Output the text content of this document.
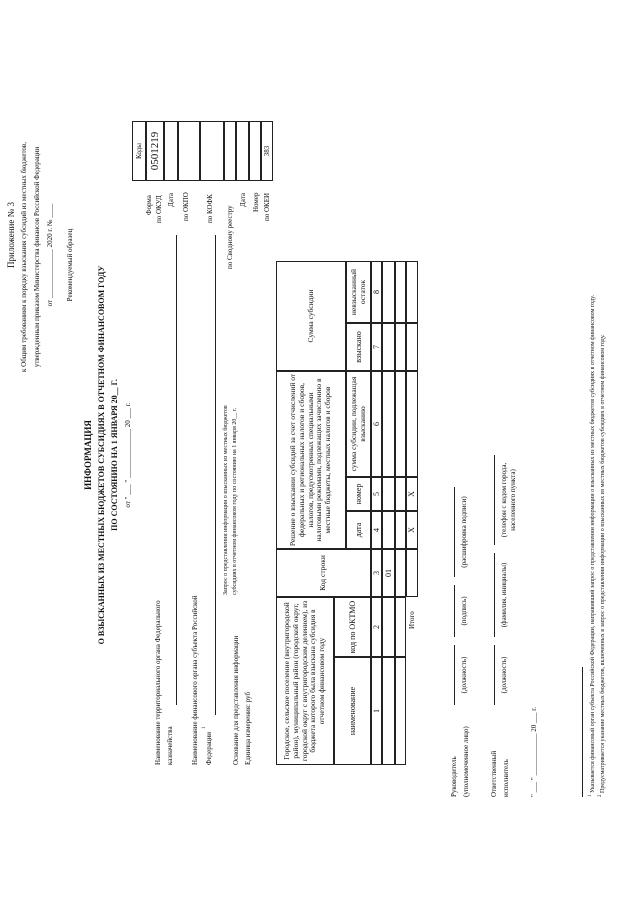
Приложение № 3 к Общим требованиям к порядку взыскания субсидий из местных бюджетов, утвержденным приказом Министерства финансов Российской Федерации от ______________ 2020 г. № ____ Рекомендуемый образец
ИНФОРМАЦИЯ О ВЗЫСКАННЫХ ИЗ МЕСТНЫХ БЮДЖЕТОВ СУБСИДИЯХ В ОТЧЕТНОМ ФИНАНСОВОМ ГОДУ ПО СОСТОЯНИЮ НА 1 ЯНВАРЯ 20__ Г. от " ___ " ______________ 20 ___ г.
Наименование территориального органа Федерального казначейства Наименование финансового органа субъекта Российской Федерации
1
Запрос о представлении информации о взысканных из местных бюджетов субсидиях в отчетном финансовом году по состоянию на 1 января 20__ г.
Основание для представления информации Единица измерения: руб
Форма по ОКУД Дата по ОКПО по КОФК по Сводному реестру
Дата Номер по ОКЕИ
Коды 0501219	383
Городское, сельское поселение (внутригородской район), муниципальный район (городской округ, городской округ с внутригородским делением), из бюджета которого была взыскана субсидия в отчетном финансовом году
Код строки
Решение о взыскании субсидий за счет отчислений от федеральных и региональных налогов и сборов, налогов, предусмотренных специальными налоговыми режимами, подлежащих зачислению в местные бюджеты, местных налогов и сборов
Сумма субсидии
наименование
код по ОКТМО
дата
номер
сумма субсидии, подлежащая взысканию
взыскано
невзысканный остаток
1
2
3
4
5
6
7
8
01
Итого
X
X
Руководитель (уполномоченное лицо)
(должность)
(подпись)
(расшифровка подписи)
Ответственный исполнитель
(должность)
(фамилия, инициалы)
(телефон с кодом города, населенного пункта)
" ___ " ____________ 20 ___ г.	$^1$ Указывается финансовый орган субъекта Российской Федерации, направивший запрос о представлении информации о взысканных из местных бюджетов субсидиях в отчетном финансовом году.
$^2$ Предусматривается указание местных бюджетов, включенных в запрос о представлении информации о взысканных из местных бюджетов субсидиях в отчетном финансовом году.
